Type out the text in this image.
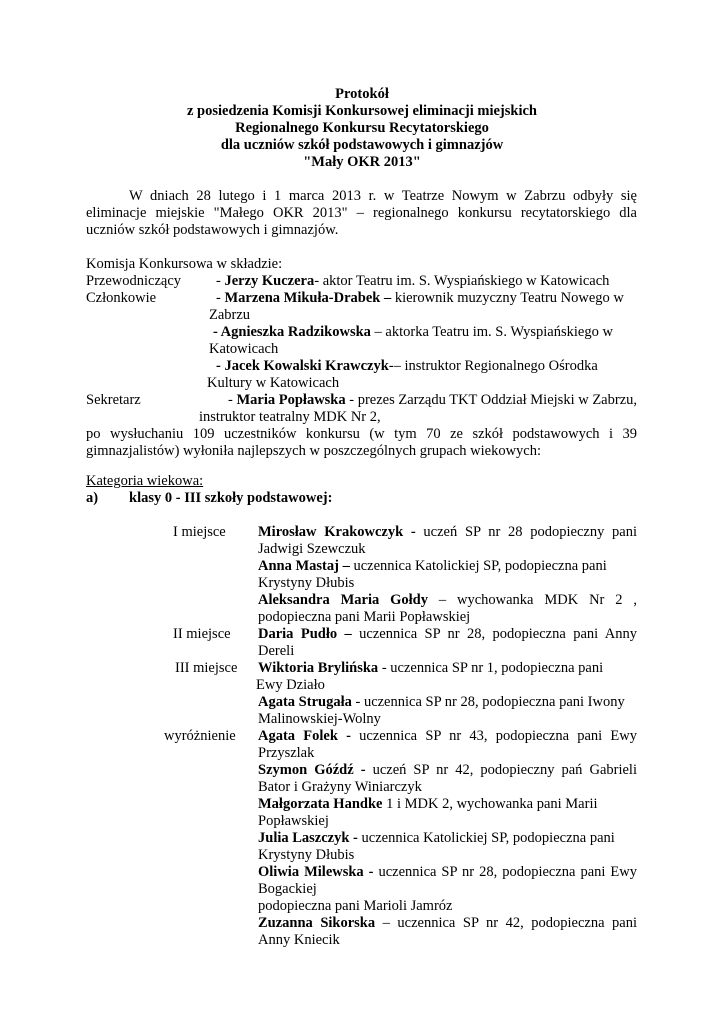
Protokół
z posiedzenia Komisji Konkursowej eliminacji miejskich
Regionalnego Konkursu Recytatorskiego
dla uczniów szkół podstawowych i gimnazjów
"Mały OKR 2013"
W dniach 28 lutego i 1 marca 2013 r. w Teatrze Nowym w Zabrzu odbyły się
eliminacje miejskie "Małego OKR 2013" – regionalnego konkursu recytatorskiego dla
uczniów szkół podstawowych i gimnazjów.
Komisja Konkursowa w składzie:
Przewodniczący - Jerzy Kuczera- aktor Teatru im. S. Wyspiańskiego w Katowicach
Członkowie	- Marzena Mikuła-Drabek – kierownik muzyczny Teatru Nowego w
Zabrzu
- Agnieszka Radzikowska – aktorka Teatru im. S. Wyspiańskiego w
Katowicach
- Jacek Kowalski Krawczyk-– instruktor Regionalnego Ośrodka
Kultury w Katowicach
Sekretarz	- Maria Popławska - prezes Zarządu TKT Oddział Miejski w Zabrzu,
instruktor teatralny MDK Nr 2,
po wysłuchaniu 109 uczestników konkursu (w tym 70 ze szkół podstawowych i 39
gimnazjalistów) wyłoniła najlepszych w poszczególnych grupach wiekowych:
Kategoria wiekowa:
a) klasy 0 - III szkoły podstawowej:
I miejsce Mirosław Krakowczyk - uczeń SP nr 28 podopieczny pani
Jadwigi Szewczuk
Anna Mastaj – uczennica Katolickiej SP, podopieczna pani
Krystyny Dłubis
Aleksandra Maria Gołdy – wychowanka MDK Nr 2 ,
podopieczna pani Marii Popławskiej
II miejsce Daria Pudło – uczennica SP nr 28, podopieczna pani Anny
Dereli
III miejsce Wiktoria Brylińska - uczennica SP nr 1, podopieczna pani
Ewy Działo
Agata Strugała - uczennica SP nr 28, podopieczna pani Iwony
Malinowskiej-Wolny
wyróżnienie Agata Folek - uczennica SP nr 43, podopieczna pani Ewy
Przyszlak
Szymon Góźdź - uczeń SP nr 42, podopieczny pań Gabrieli
Bator i Grażyny Winiarczyk
Małgorzata Handke 1 i MDK 2, wychowanka pani Marii
Popławskiej
Julia Laszczyk - uczennica Katolickiej SP, podopieczna pani
Krystyny Dłubis
Oliwia Milewska - uczennica SP nr 28, podopieczna pani Ewy
Bogackiej
podopieczna pani Marioli Jamróz
Zuzanna Sikorska – uczennica SP nr 42, podopieczna pani
Anny Kniecik
